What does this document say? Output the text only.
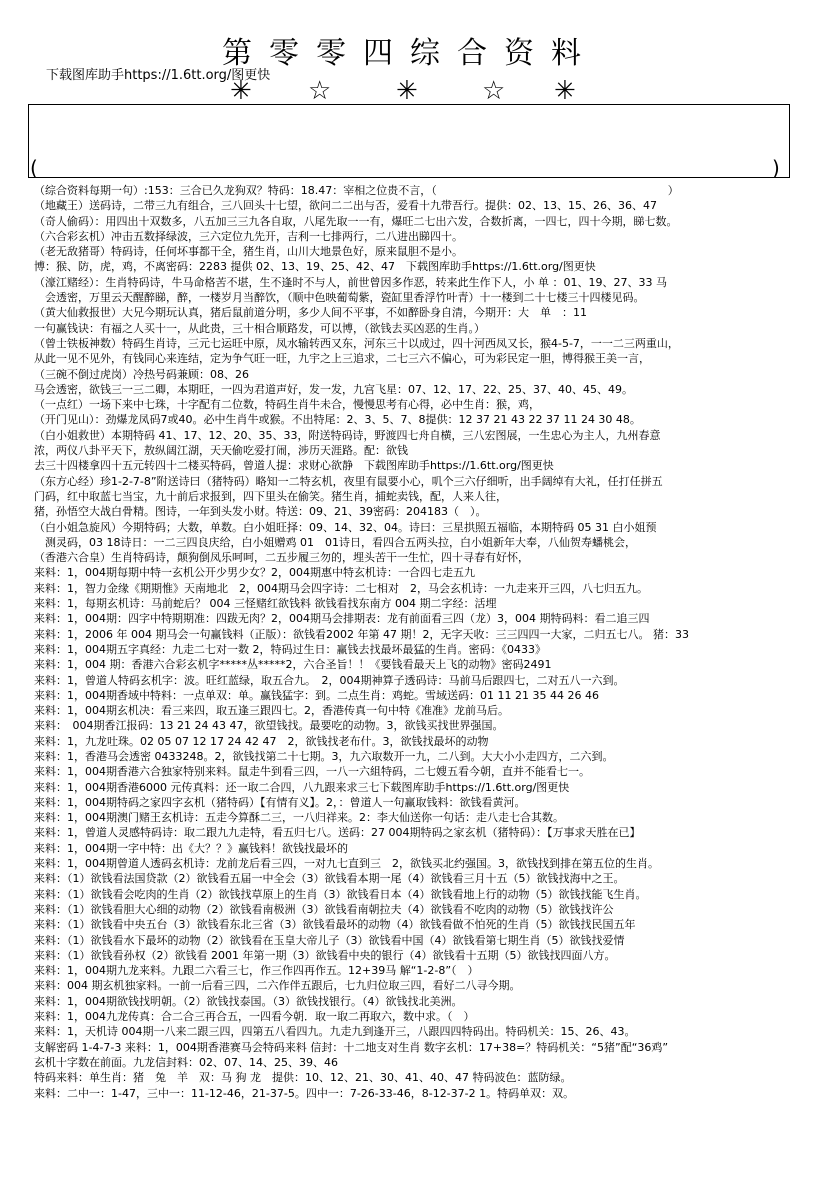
第零零四综合资料
下载图库助手https://1.6tt.org/图更快
✳ ☆ ✳ ☆ ✳
(	)
（综合资料每期一句）:153：三合已久龙狗双？特码：18.47：宰相之位贵不言，（　　　　　　　　　　　　　　　　　　　　　）
（地藏王）送码诗，二带三九有组合，三八回头十七望，欲问二二出与否，爱看十九带吾行。提供：02、13、15、26、36、47
（奇人偷码）：用四出十双数多，八五加三三九各自取，八尾先取一一有，爆旺二七出六发，合数折离，一四七，四十今期，睇七数。
（六合彩玄机）冲击五数择绿波，三六定位九先开，吉利一七排两行，二八进出睇四十。
（老无敌猪哥）特码诗，任何坏事都干全，猪生肖，山川大地景色好，原来鼠胆不是小。
博：猴、防，虎，鸡，不离密码：2283 提供 02、13、19、25、42、47　下载图库助手https://1.6tt.org/图更快
（濠江赌经）：生肖特码诗，牛马命格苦不堪，生不逢时不与人，前世曾因多作恶，转来此生作下人，小 单 ：01、19、27、33 马
　会透密，万里云天醒醉睇，醉，一楼岁月当醉饮，（顺中色映葡萄紫，瓷缸里香浮竹叶青）十一楼到二十七楼三十四楼见码。
（黄大仙救报世）大兄今期玩认真，猪后鼠前道分明，多少人间不平事，不如醉卧身自清，今期开：大　单　：11
一句赢钱诀：有福之人买十一，从此贵，三十相合顺路发，可以博，（欲钱去买凶恶的生肖。）
（曾士铁板神数）特码生肖诗，三元七运旺中原，凤水输转西又东，河东三十以成过，四十河西凤又长，猴4-5-7，一一二三两重山，
从此一见不见外，有钱同心来连结，定为争气旺一旺，九宇之上三追求，二七三六不偏心，可为彩民定一胆，博得猴王美一言，
（三碗不倒过虎岗）冷热号码兼顾：08、26
马会透密，欲钱三一三二卿，本期旺，一四为君道声好，发一发，九宫飞星：07、12、17、22、25、37、40、45、49。
（一点红）一场下来中七珠，十字配有二位数，特码生肖牛未合，慢慢思考有心得，必中生肖：猴，鸡，
（开门见山）：劲爆龙凤码7或40。必中生肖牛或猴。不出特尾：2、3、5、7、8提供：12 37 21 43 22 37 11 24 30 48。
（白小姐救世）本期特码 41、17、12、20、35、33，附送特码诗，野渡四七舟自横，三八宏图展，一生忠心为主人，九州春意
浓，两仪八卦平天下，敖纵阔江湖，天天偷吃爱打闹，涉历天涯路。配：欲钱
去三十四楼拿四十五元转四十二楼买特码，曾道人提：求财心欲静　下载图库助手https://1.6tt.org/图更快
（东方心经）珍1-2-7-8”附送诗曰（猪特码）略知一二特玄机，夜里有鼠要小心，叽个三六仔细听，出手阔绰有大礼，任打任拼五
门码，红中取蓝七当宝，九十前后求报到，四下里头在偷笑。猪生肖，捕蛇卖钱，配，人来人往，
猪，孙悟空大战白骨精。图诗，一年到头发小财。特送：09、21、39密码：204183（　）。
（白小姐急旋风）今期特码；大数，单数。白小姐旺择：09、14、32、04。诗曰：三星拱照五福临，本期特码 05 31 白小姐预
　测灵码，03 18诗日：一二三四良庆给，白小姐赠鸡 01　01诗日，看四合五两头拉，白小姐新年大奉，八仙贺寿蟠桃会，
（香港六合皇）生肖特码诗，颠狗倒凤乐呵呵，二五步履三勿的，埋头苦干一生忙，四十寻春有好怀，
来料：1，004期每期中特一玄机公开少男少女？2，004期惠中特玄机诗：一合四七走五九
来料：1，智力金缘《期期惟》天南地北　2，004期马会四字诗：二七相对　2，马会玄机诗：一九走来开三四，八七归五九。
来料：1，每期玄机诗：马前蛇后？ 004 三怪赌红欲钱料 欲钱看找东南方 004 期二字经：活埋
来料：1，004期：四字中特期期准：四跋无肉？2，004期马会排期表：龙有前面看三四（龙）3，004 期特码料：看二追三四
来料：1，2006 年 004 期马会一句赢钱料（正版）：欲钱看2002 年第 47 期！2，无字天收：三三四四一大家，二归五七八。 猪：33
来料：1，004期五字真经：九走二七对一数 2，特码过生日：赢钱去找最坏最猛的生肖。密码：《0433》
来料：1，004 期：香港六合彩玄机字*****丛*****2，六合圣旨！！《要钱看最天上飞的动物》密码2491
来料：1，曾道人特码玄机字：波。旺红蓝绿，取五合九。　2，004期神算子透码诗：马前马后跟四七，二对五八一六到。
来料：1，004期香域中特料：一点单双：单。赢钱猛字：到。二点生肖：鸡蛇。雪域送码：01 11 21 35 44 26 46
来料：1，004期玄机决：看三来四，取五逢三跟四七。2，香港传真一句中特《准准》龙前马后。
来料：　004期香江报码：13 21 24 43 47，欲望钱找。最要吃的动物。3，欲钱买找世界强国。
来料：1，九龙吐珠。02 05 07 12 17 24 42 47　2，欲钱找老布什。3，欲钱找最坏的动物
来料：1，香港马会透密 0433248。2，欲钱找第二十七期。3，九六取数开一九，二八到。大大小小走四方，二六到。
来料：1，004期香港六合独家特别来料。鼠走牛到看三四，一八一六組特码，二七嫂五看今朝，直并不能看七一。
来料：1，004期香港6000 元传真料：还一取二合四，八九跟来求三七下载图库助手https://1.6tt.org/图更快
来料：1，004期特码之家四字玄机（猪特码）【有情有义】。2，：曾道人一句赢取钱料：欲钱看黄河。
来料：1，004期澳门赌王玄机诗：五走今算酥二三，一八归祥来。2：李大仙送你一句话：走八走七合其数。
来料：1，曾道人灵感特码诗：取二跟九九走特，看五归七八。送码：27 004期特码之家玄机（猪特码）：【万事求天胜在已】
来料：1，004期一字中特：出《大？？》赢钱料！欲钱找最坏的
来料：1，004期曾道人透码玄机诗：龙前龙后看三四，一对九七直到三　2，欲钱买北约强国。3，欲钱找到排在第五位的生肖。
来料：（1）欲钱看法国贷款（2）欲钱看五届一中全会（3）欲钱看本期一尾（4）欲钱看三月十五（5）欲钱找海中之王。
来料：（1）欲钱看会吃肉的生肖（2）欲钱找草原上的生肖（3）欲钱看日本（4）欲钱看地上行的动物（5）欲钱找能飞生肖。
来料：（1）欲钱看胆大心细的动物（2）欲钱看南极洲（3）欲钱看南朝拉夫（4）欲钱看不吃肉的动物（5）欲钱找许公
来料：（1）欲钱看中央五台（3）欲钱看东北三省（3）欲钱看最坏的动物（4）欲钱看做不怕死的生肖（5）欲钱找民国五年
来料：（1）欲钱看水下最坏的动物（2）欲钱看在玉皇大帝儿子（3）欲钱看中国（4）欲钱看第七期生肖（5）欲钱找爱情
来料：（1）欲钱看孙权（2）欲钱看 2001 年第一期（3）欲钱看中央的银行（4）欲钱看十五期（5）欲钱找四面八方。
来料：1，004期九龙来料。九跟二六看三七，作三作四再作五。12+39马 解“1-2-8”（　）
来料：004 期玄机独家料。一前一后看三四，二六作伴五跟后，七九归位取三四，看好二八寻今期。
来料：1，004期欲钱找明朝。（2）欲钱找泰国。（3）欲钱找银行。（4）欲钱找北美洲。
来料：1，004九龙传真：合二合三再合五，一四看今朝．取一取二再取六，数中求。（　）
来料：1，天机诗 004期一八来二跟三四，四第五八看四九。九走九到逢开三，八跟四四特码出。特码机关：15、26、43。
支解密码 1-4-7-3 来料：1，004期香港赛马会特码来料 信封：十二地支对生肖 数字玄机：17+38=？特码机关：“5猪”配“36鸡”
玄机十字数在前面。九龙信封料：02、07、14、25、39、46
特码来料：单生肖：猪　兔　羊　双：马 狗 龙　提供：10、12、21、30、41、40、47 特码波色：蓝防绿。
来料：二中一：1-47，三中一：11-12-46，21-37-5。四中一：7-26-33-46，8-12-37-2 1。特码单双：双。
